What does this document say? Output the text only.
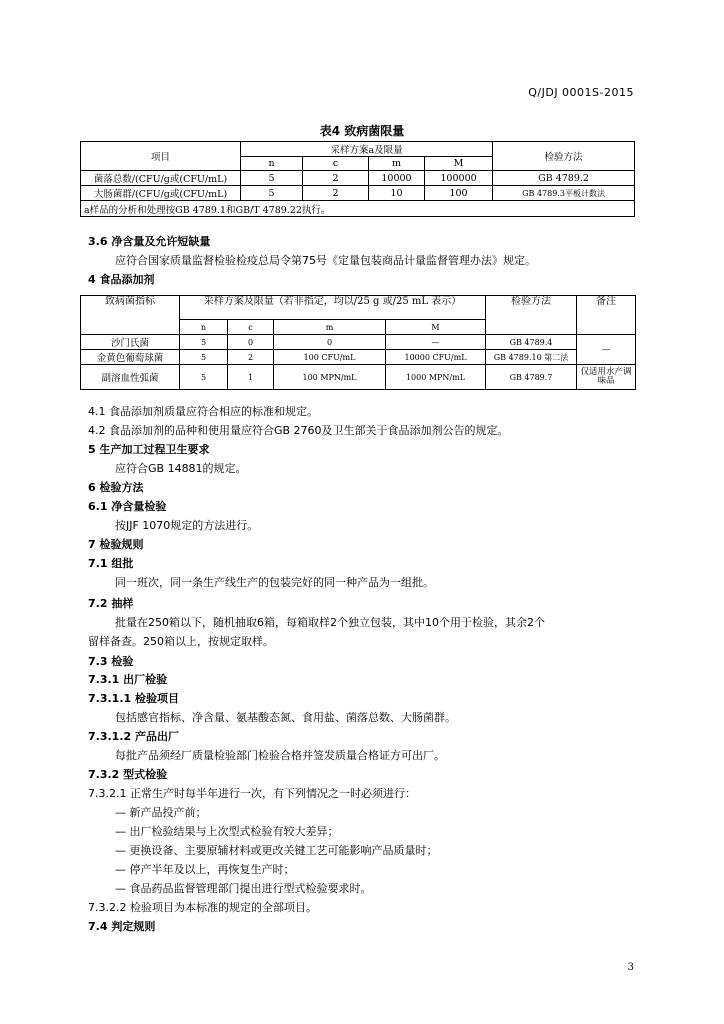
Q/JDJ 0001S-2015
表4 致病菌限量
项目	采样方案a及限量				检验方法
	n	c	m	M	
菌落总数/(CFU/g或(CFU/mL)	5	2	10000	100000	GB 4789.2
大肠菌群/(CFU/g或(CFU/mL)	5	2	10	100	GB 4789.3平板计数法
a样品的分析和处理按GB 4789.1和GB/T 4789.22执行。					
3.6 净含量及允许短缺量
应符合国家质量监督检验检疫总局令第75号《定量包装商品计量监督管理办法》规定。
4 食品添加剂
致病菌指标	采样方案及限量（若非指定，均以/25 g 或/25 mL 表示）				检验方法	备注
	n	c	m	M		
沙门氏菌	5	0	0	—	GB 4789.4	—
金黄色葡萄球菌	5	2	100 CFU/mL	10000 CFU/mL	GB 4789.10 第二法	
副溶血性弧菌	5	1	100 MPN/mL	1000 MPN/mL	GB 4789.7	仅适用水产调味品
4.1 食品添加剂质量应符合相应的标准和规定。
4.2 食品添加剂的品种和使用量应符合GB 2760及卫生部关于食品添加剂公告的规定。
5 生产加工过程卫生要求
应符合GB 14881的规定。
6 检验方法
6.1 净含量检验
按JJF 1070规定的方法进行。
7 检验规则
7.1 组批
同一班次，同一条生产线生产的包装完好的同一种产品为一组批。
7.2 抽样
批量在250箱以下，随机抽取6箱，每箱取样2个独立包装，其中10个用于检验，其余2个
留样备查。250箱以上，按规定取样。
7.3 检验
7.3.1 出厂检验
7.3.1.1 检验项目
包括感官指标、净含量、氨基酸态氮、食用盐、菌落总数、大肠菌群。
7.3.1.2 产品出厂
每批产品须经厂质量检验部门检验合格并签发质量合格证方可出厂。
7.3.2 型式检验
7.3.2.1 正常生产时每半年进行一次，有下列情况之一时必须进行：
— 新产品投产前；
— 出厂检验结果与上次型式检验有较大差异；
— 更换设备、主要原辅材料或更改关键工艺可能影响产品质量时；
— 停产半年及以上，再恢复生产时；
— 食品药品监督管理部门提出进行型式检验要求时。
7.3.2.2 检验项目为本标准的规定的全部项目。
7.4 判定规则
3
